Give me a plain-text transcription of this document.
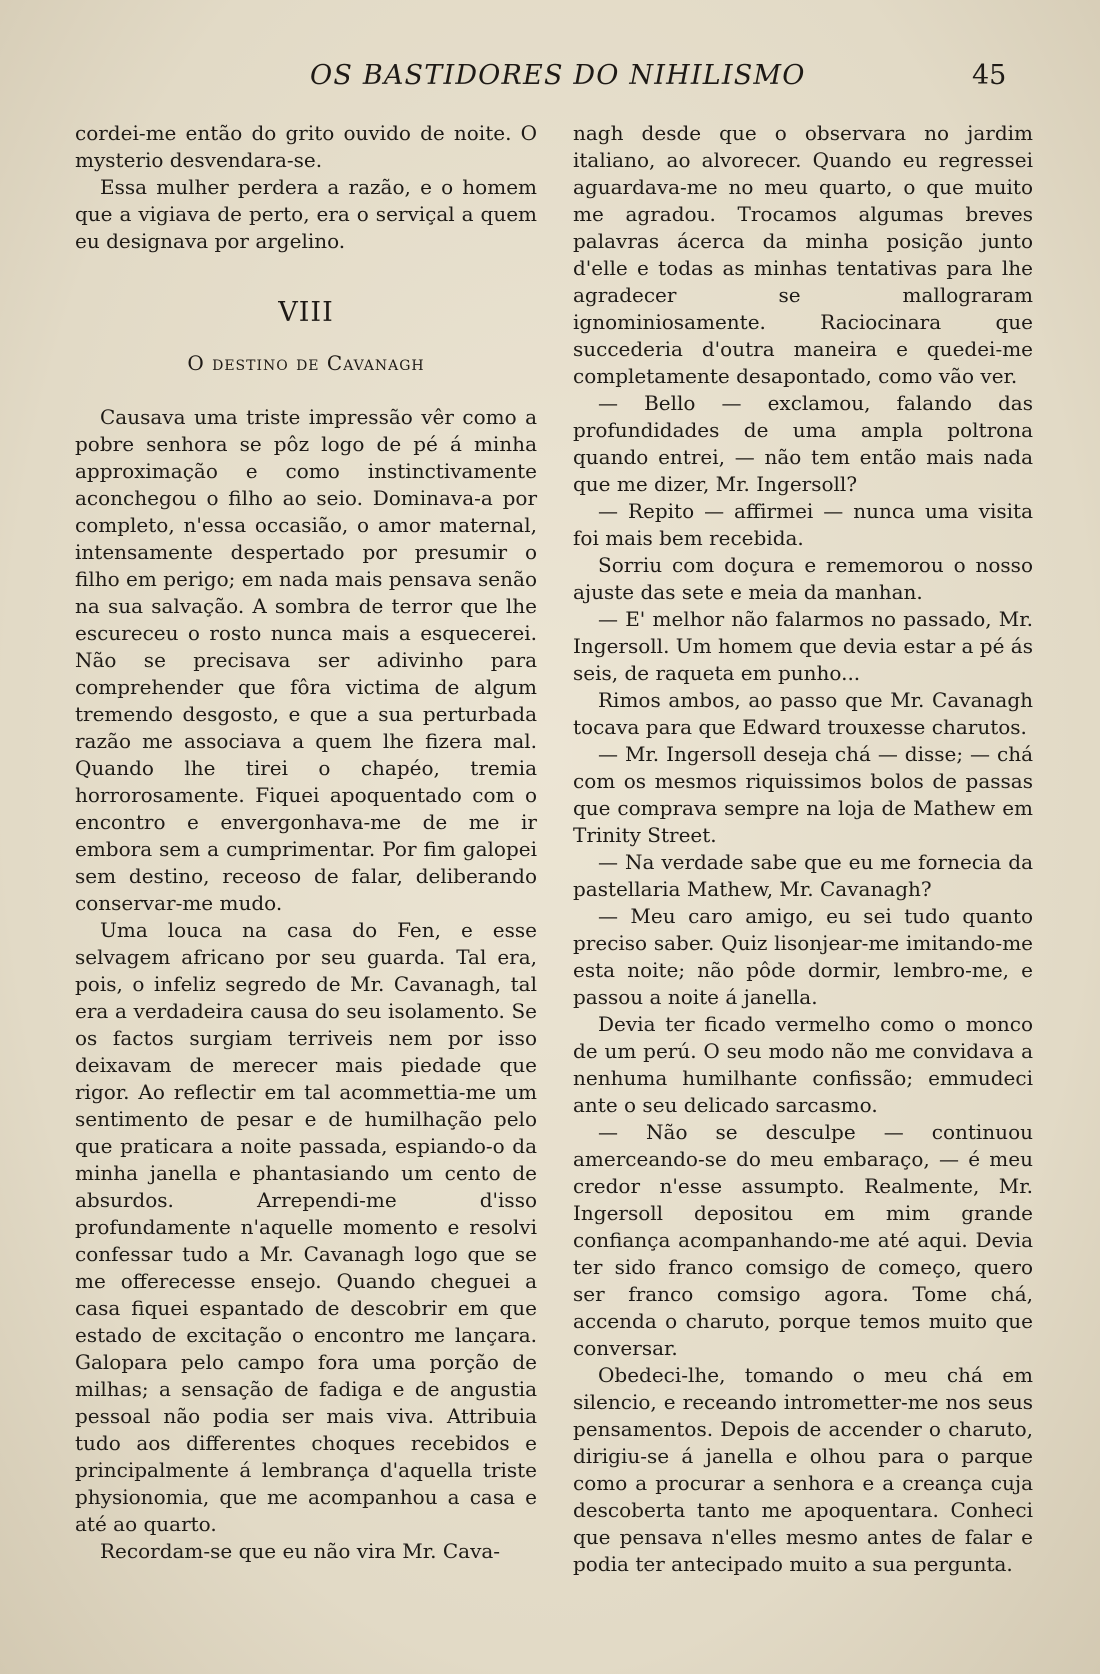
OS BASTIDORES DO NIHILISMO	45

cordei-me então do grito ouvido de noite. O mysterio desvendara-se.

Essa mulher perdera a razão, e o homem que a vigiava de perto, era o serviçal a quem eu designava por argelino.

VIII
O destino de Cavanagh

Causava uma triste impressão vêr como a pobre senhora se pôz logo de pé á minha approximação e como instinctivamente aconchegou o filho ao seio. Dominava-a por completo, n'essa occasião, o amor maternal, intensamente despertado por presumir o filho em perigo; em nada mais pensava senão na sua salvação. A sombra de terror que lhe escureceu o rosto nunca mais a esquecerei. Não se precisava ser adivinho para comprehender que fôra victima de algum tremendo desgosto, e que a sua perturbada razão me associava a quem lhe fizera mal. Quando lhe tirei o chapéo, tremia horrorosamente. Fiquei apoquentado com o encontro e envergonhava-me de me ir embora sem a cumprimentar. Por fim galopei sem destino, receoso de falar, deliberando conservar-me mudo.

Uma louca na casa do Fen, e esse selvagem africano por seu guarda. Tal era, pois, o infeliz segredo de Mr. Cavanagh, tal era a verdadeira causa do seu isolamento. Se os factos surgiam terriveis nem por isso deixavam de merecer mais piedade que rigor. Ao reflectir em tal acommettia-me um sentimento de pesar e de humilhação pelo que praticara a noite passada, espiando-o da minha janella e phantasiando um cento de absurdos. Arrependi-me d'isso profundamente n'aquelle momento e resolvi confessar tudo a Mr. Cavanagh logo que se me offerecesse ensejo. Quando cheguei a casa fiquei espantado de descobrir em que estado de excitação o encontro me lançara. Galopara pelo campo fora uma porção de milhas; a sensação de fadiga e de angustia pessoal não podia ser mais viva. Attribuia tudo aos differentes choques recebidos e principalmente á lembrança d'aquella triste physionomia, que me acompanhou a casa e até ao quarto.

Recordam-se que eu não vira Mr. Cava-

nagh desde que o observara no jardim italiano, ao alvorecer. Quando eu regressei aguardava-me no meu quarto, o que muito me agradou. Trocamos algumas breves palavras ácerca da minha posição junto d'elle e todas as minhas tentativas para lhe agradecer se mallograram ignominiosamente. Raciocinara que succederia d'outra maneira e quedei-me completamente desapontado, como vão ver.

— Bello — exclamou, falando das profundidades de uma ampla poltrona quando entrei, — não tem então mais nada que me dizer, Mr. Ingersoll?

— Repito — affirmei — nunca uma visita foi mais bem recebida.

Sorriu com doçura e rememorou o nosso ajuste das sete e meia da manhan.

— E' melhor não falarmos no passado, Mr. Ingersoll. Um homem que devia estar a pé ás seis, de raqueta em punho...

Rimos ambos, ao passo que Mr. Cavanagh tocava para que Edward trouxesse charutos.

— Mr. Ingersoll deseja chá — disse; — chá com os mesmos riquissimos bolos de passas que comprava sempre na loja de Mathew em Trinity Street.

— Na verdade sabe que eu me fornecia da pastellaria Mathew, Mr. Cavanagh?

— Meu caro amigo, eu sei tudo quanto preciso saber. Quiz lisonjear-me imitando-me esta noite; não pôde dormir, lembro-me, e passou a noite á janella.

Devia ter ficado vermelho como o monco de um perú. O seu modo não me convidava a nenhuma humilhante confissão; emmudeci ante o seu delicado sarcasmo.

— Não se desculpe — continuou amerceando-se do meu embaraço, — é meu credor n'esse assumpto. Realmente, Mr. Ingersoll depositou em mim grande confiança acompanhando-me até aqui. Devia ter sido franco comsigo de começo, quero ser franco comsigo agora. Tome chá, accenda o charuto, porque temos muito que conversar.

Obedeci-lhe, tomando o meu chá em silencio, e receando intrometter-me nos seus pensamentos. Depois de accender o charuto, dirigiu-se á janella e olhou para o parque como a procurar a senhora e a creança cuja descoberta tanto me apoquentara. Conheci que pensava n'elles mesmo antes de falar e podia ter antecipado muito a sua pergunta.
